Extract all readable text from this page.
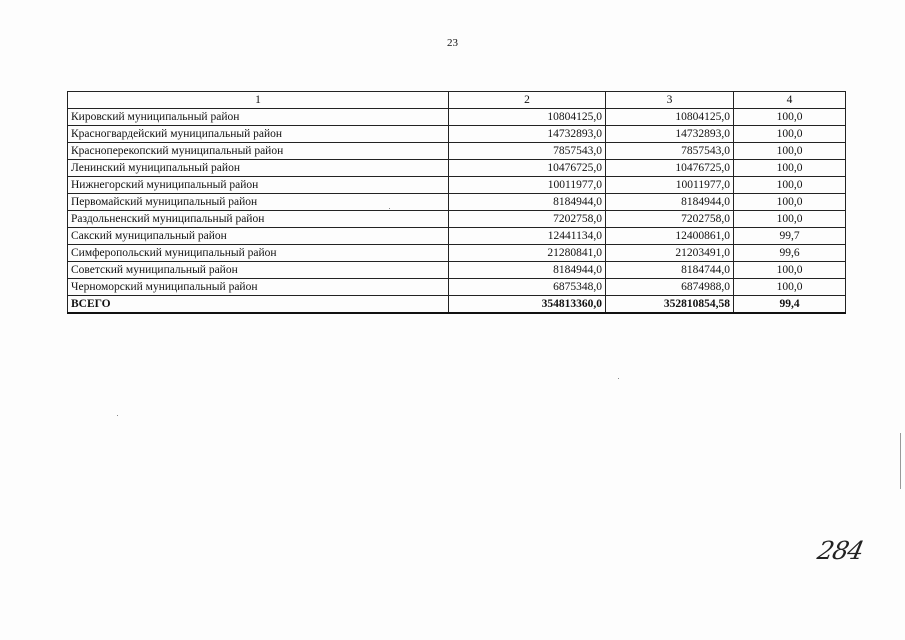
23
1	2	3	4
Кировский муниципальный район	10804125,0	10804125,0	100,0
Красногвардейский муниципальный район	14732893,0	14732893,0	100,0
Красноперекопский муниципальный район	7857543,0	7857543,0	100,0
Ленинский муниципальный район	10476725,0	10476725,0	100,0
Нижнегорский муниципальный район	10011977,0	10011977,0	100,0
Первомайский муниципальный район	8184944,0	8184944,0	100,0
Раздольненский муниципальный район	7202758,0	7202758,0	100,0
Сакский муниципальный район	12441134,0	12400861,0	99,7
Симферопольский муниципальный район	21280841,0	21203491,0	99,6
Советский муниципальный район	8184944,0	8184744,0	100,0
Черноморский муниципальный район	6875348,0	6874988,0	100,0
ВСЕГО	354813360,0	352810854,58	99,4
284
